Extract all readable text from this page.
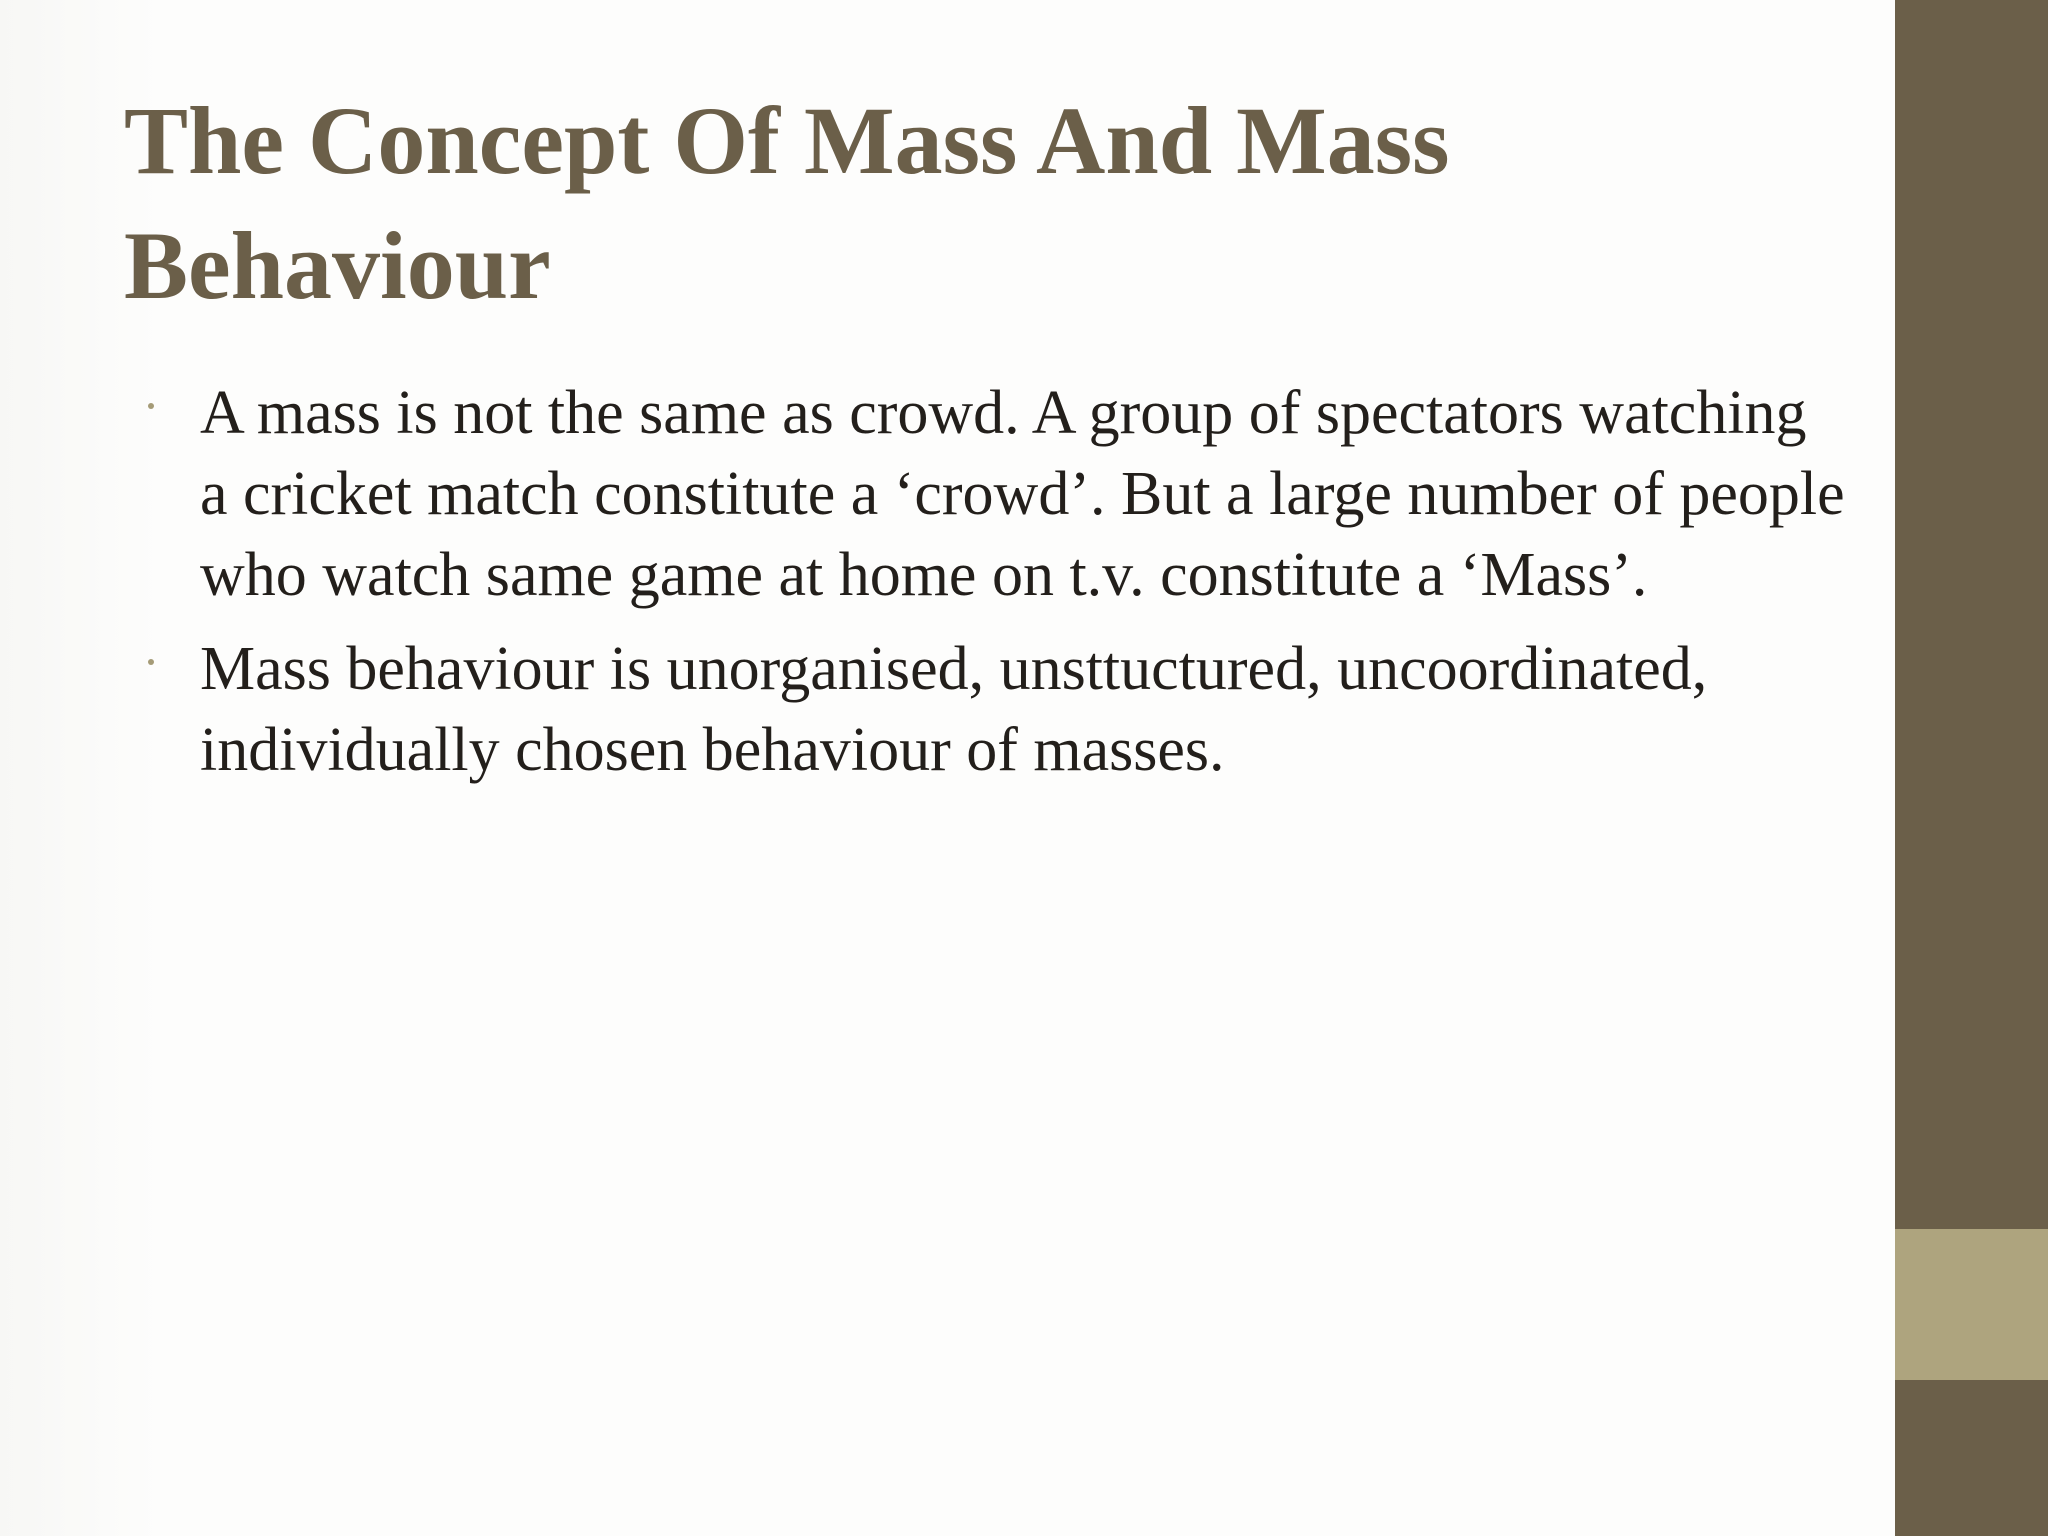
The Concept Of Mass And Mass Behaviour
A mass is not the same as crowd. A group of spectators watching a cricket match constitute a ‘crowd’. But a large number of people who watch same game at home on t.v. constitute a ‘Mass’.
Mass behaviour is unorganised, unsttuctured, uncoordinated, individually chosen behaviour of masses.
